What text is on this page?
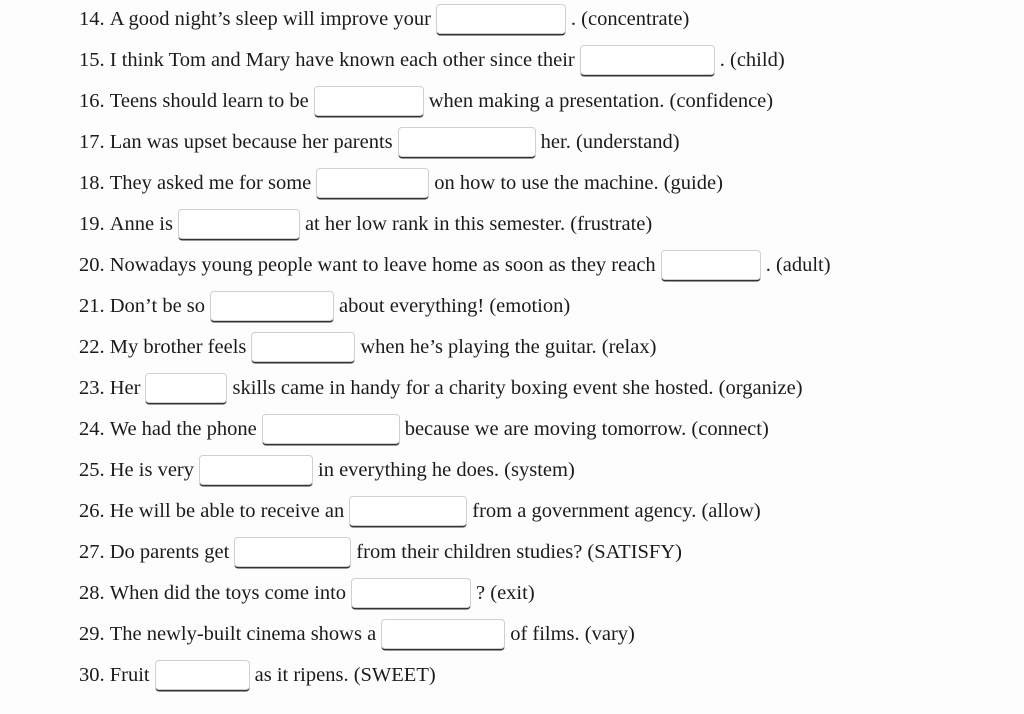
14.
A good night’s sleep will improve your	. (concentrate)
15.
I think Tom and Mary have known each other since their	. (child)
16.
Teens should learn to be	when making a presentation. (confidence)
17.
Lan was upset because her parents	her. (understand)
18.
They asked me for some	on how to use the machine. (guide)
19.
Anne is	at her low rank in this semester. (frustrate)
20.
Nowadays young people want to leave home as soon as they reach	. (adult)
21.
Don’t be so	about everything! (emotion)
22.
My brother feels	when he’s playing the guitar. (relax)
23.
Her	skills came in handy for a charity boxing event she hosted. (organize)
24.
We had the phone	because we are moving tomorrow. (connect)
25.
He is very	in everything he does. (system)
26.
He will be able to receive an	from a government agency. (allow)
27.
Do parents get	from their children studies? (SATISFY)
28.
When did the toys come into	? (exit)
29.
The newly-built cinema shows a	of films. (vary)
30.
Fruit	as it ripens. (SWEET)
